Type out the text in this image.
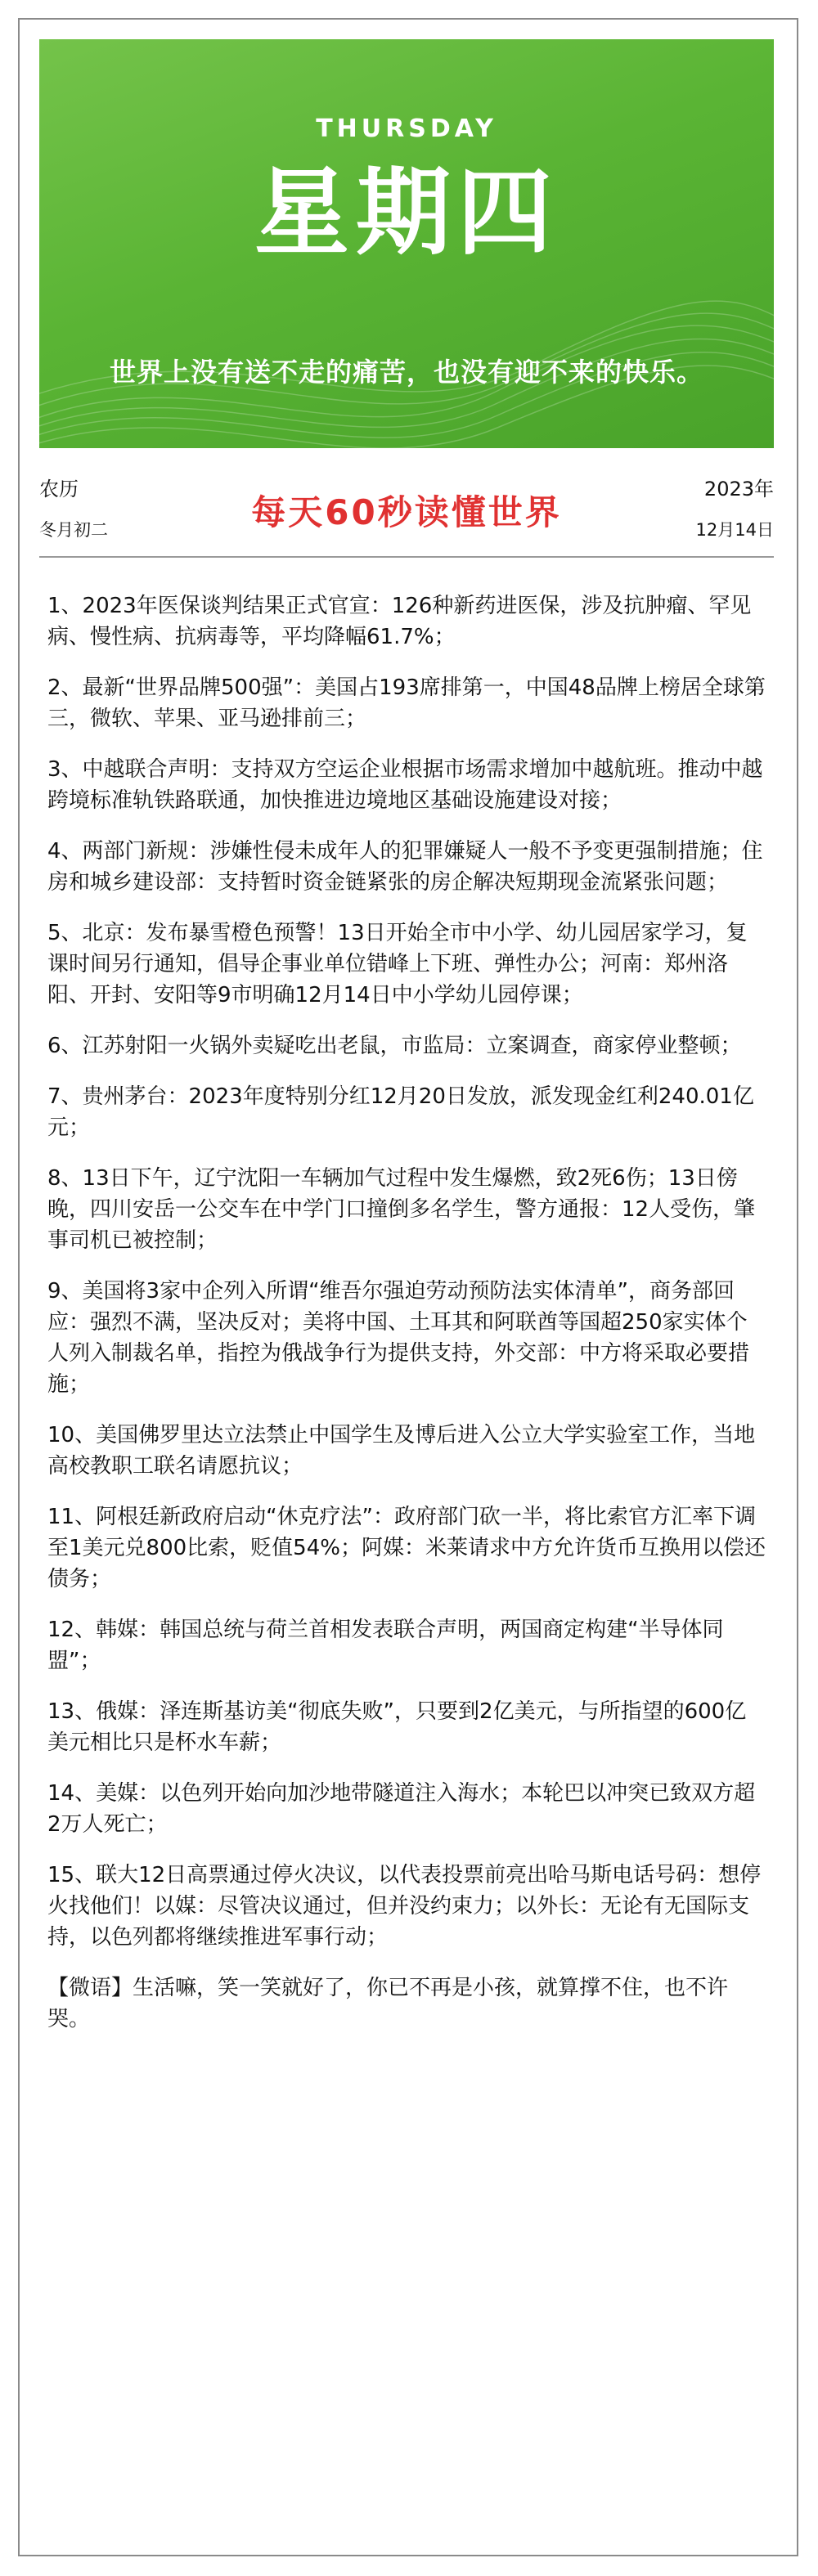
THURSDAY
星期四
世界上没有送不走的痛苦，也没有迎不来的快乐。
农历
冬月初二	每天60秒读懂世界
2023年
12月14日

1、2023年医保谈判结果正式官宣：126种新药进医保，涉及抗肿瘤、罕见病、慢性病、抗病毒等，平均降幅61.7%；

2、最新“世界品牌500强”：美国占193席排第一，中国48品牌上榜居全球第三，微软、苹果、亚马逊排前三；

3、中越联合声明：支持双方空运企业根据市场需求增加中越航班。推动中越跨境标准轨铁路联通，加快推进边境地区基础设施建设对接；

4、两部门新规：涉嫌性侵未成年人的犯罪嫌疑人一般不予变更强制措施；住房和城乡建设部：支持暂时资金链紧张的房企解决短期现金流紧张问题；

5、北京：发布暴雪橙色预警！13日开始全市中小学、幼儿园居家学习，复课时间另行通知，倡导企事业单位错峰上下班、弹性办公；河南：郑州洛阳、开封、安阳等9市明确12月14日中小学幼儿园停课；

6、江苏射阳一火锅外卖疑吃出老鼠，市监局：立案调查，商家停业整顿；

7、贵州茅台：2023年度特别分红12月20日发放，派发现金红利240.01亿元；

8、13日下午，辽宁沈阳一车辆加气过程中发生爆燃，致2死6伤；13日傍晚，四川安岳一公交车在中学门口撞倒多名学生，警方通报：12人受伤，肇事司机已被控制；

9、美国将3家中企列入所谓“维吾尔强迫劳动预防法实体清单”，商务部回应：强烈不满，坚决反对；美将中国、土耳其和阿联酋等国超250家实体个人列入制裁名单，指控为俄战争行为提供支持，外交部：中方将采取必要措施；

10、美国佛罗里达立法禁止中国学生及博后进入公立大学实验室工作，当地高校教职工联名请愿抗议；

11、阿根廷新政府启动“休克疗法”：政府部门砍一半，将比索官方汇率下调至1美元兑800比索，贬值54%；阿媒：米莱请求中方允许货币互换用以偿还债务；

12、韩媒：韩国总统与荷兰首相发表联合声明，两国商定构建“半导体同盟”；

13、俄媒：泽连斯基访美“彻底失败”，只要到2亿美元，与所指望的600亿美元相比只是杯水车薪；

14、美媒：以色列开始向加沙地带隧道注入海水；本轮巴以冲突已致双方超2万人死亡；

15、联大12日高票通过停火决议，以代表投票前亮出哈马斯电话号码：想停火找他们！以媒：尽管决议通过，但并没约束力；以外长：无论有无国际支持，以色列都将继续推进军事行动；

【微语】生活嘛，笑一笑就好了，你已不再是小孩，就算撑不住，也不许哭。
